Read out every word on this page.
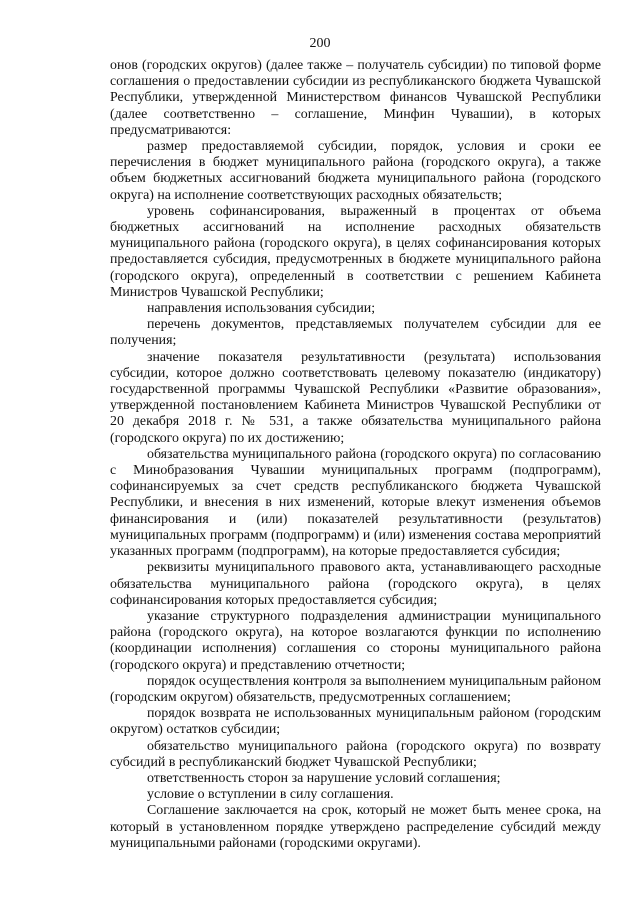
200

онов (городских округов) (далее также – получатель субсидии) по типовой форме соглашения о предоставлении субсидии из республиканского бюджета Чувашской Республики, утвержденной Министерством финансов Чувашской Республики (далее соответственно – соглашение, Минфин Чувашии), в которых предусматриваются:

размер предоставляемой субсидии, порядок, условия и сроки ее перечисления в бюджет муниципального района (городского округа), а также объем бюджетных ассигнований бюджета муниципального района (городского округа) на исполнение соответствующих расходных обязательств;

уровень софинансирования, выраженный в процентах от объема бюджетных ассигнований на исполнение расходных обязательств муниципального района (городского округа), в целях софинансирования которых предоставляется субсидия, предусмотренных в бюджете муниципального района (городского округа), определенный в соответствии с решением Кабинета Министров Чувашской Республики;

направления использования субсидии;

перечень документов, представляемых получателем субсидии для ее получения;

значение показателя результативности (результата) использования субсидии, которое должно соответствовать целевому показателю (индикатору) государственной программы Чувашской Республики «Развитие образования», утвержденной постановлением Кабинета Министров Чувашской Республики от 20 декабря 2018 г. № 531, а также обязательства муниципального района (городского округа) по их достижению;

обязательства муниципального района (городского округа) по согласованию с Минобразования Чувашии муниципальных программ (подпрограмм), софинансируемых за счет средств республиканского бюджета Чувашской Республики, и внесения в них изменений, которые влекут изменения объемов финансирования и (или) показателей результативности (результатов) муниципальных программ (подпрограмм) и (или) изменения состава мероприятий указанных программ (подпрограмм), на которые предоставляется субсидия;

реквизиты муниципального правового акта, устанавливающего расходные обязательства муниципального района (городского округа), в целях софинансирования которых предоставляется субсидия;

указание структурного подразделения администрации муниципального района (городского округа), на которое возлагаются функции по исполнению (координации исполнения) соглашения со стороны муниципального района (городского округа) и представлению отчетности;

порядок осуществления контроля за выполнением муниципальным районом (городским округом) обязательств, предусмотренных соглашением;

порядок возврата не использованных муниципальным районом (городским округом) остатков субсидии;

обязательство муниципального района (городского округа) по возврату субсидий в республиканский бюджет Чувашской Республики;

ответственность сторон за нарушение условий соглашения;

условие о вступлении в силу соглашения.

Соглашение заключается на срок, который не может быть менее срока, на который в установленном порядке утверждено распределение субсидий между муниципальными районами (городскими округами).
